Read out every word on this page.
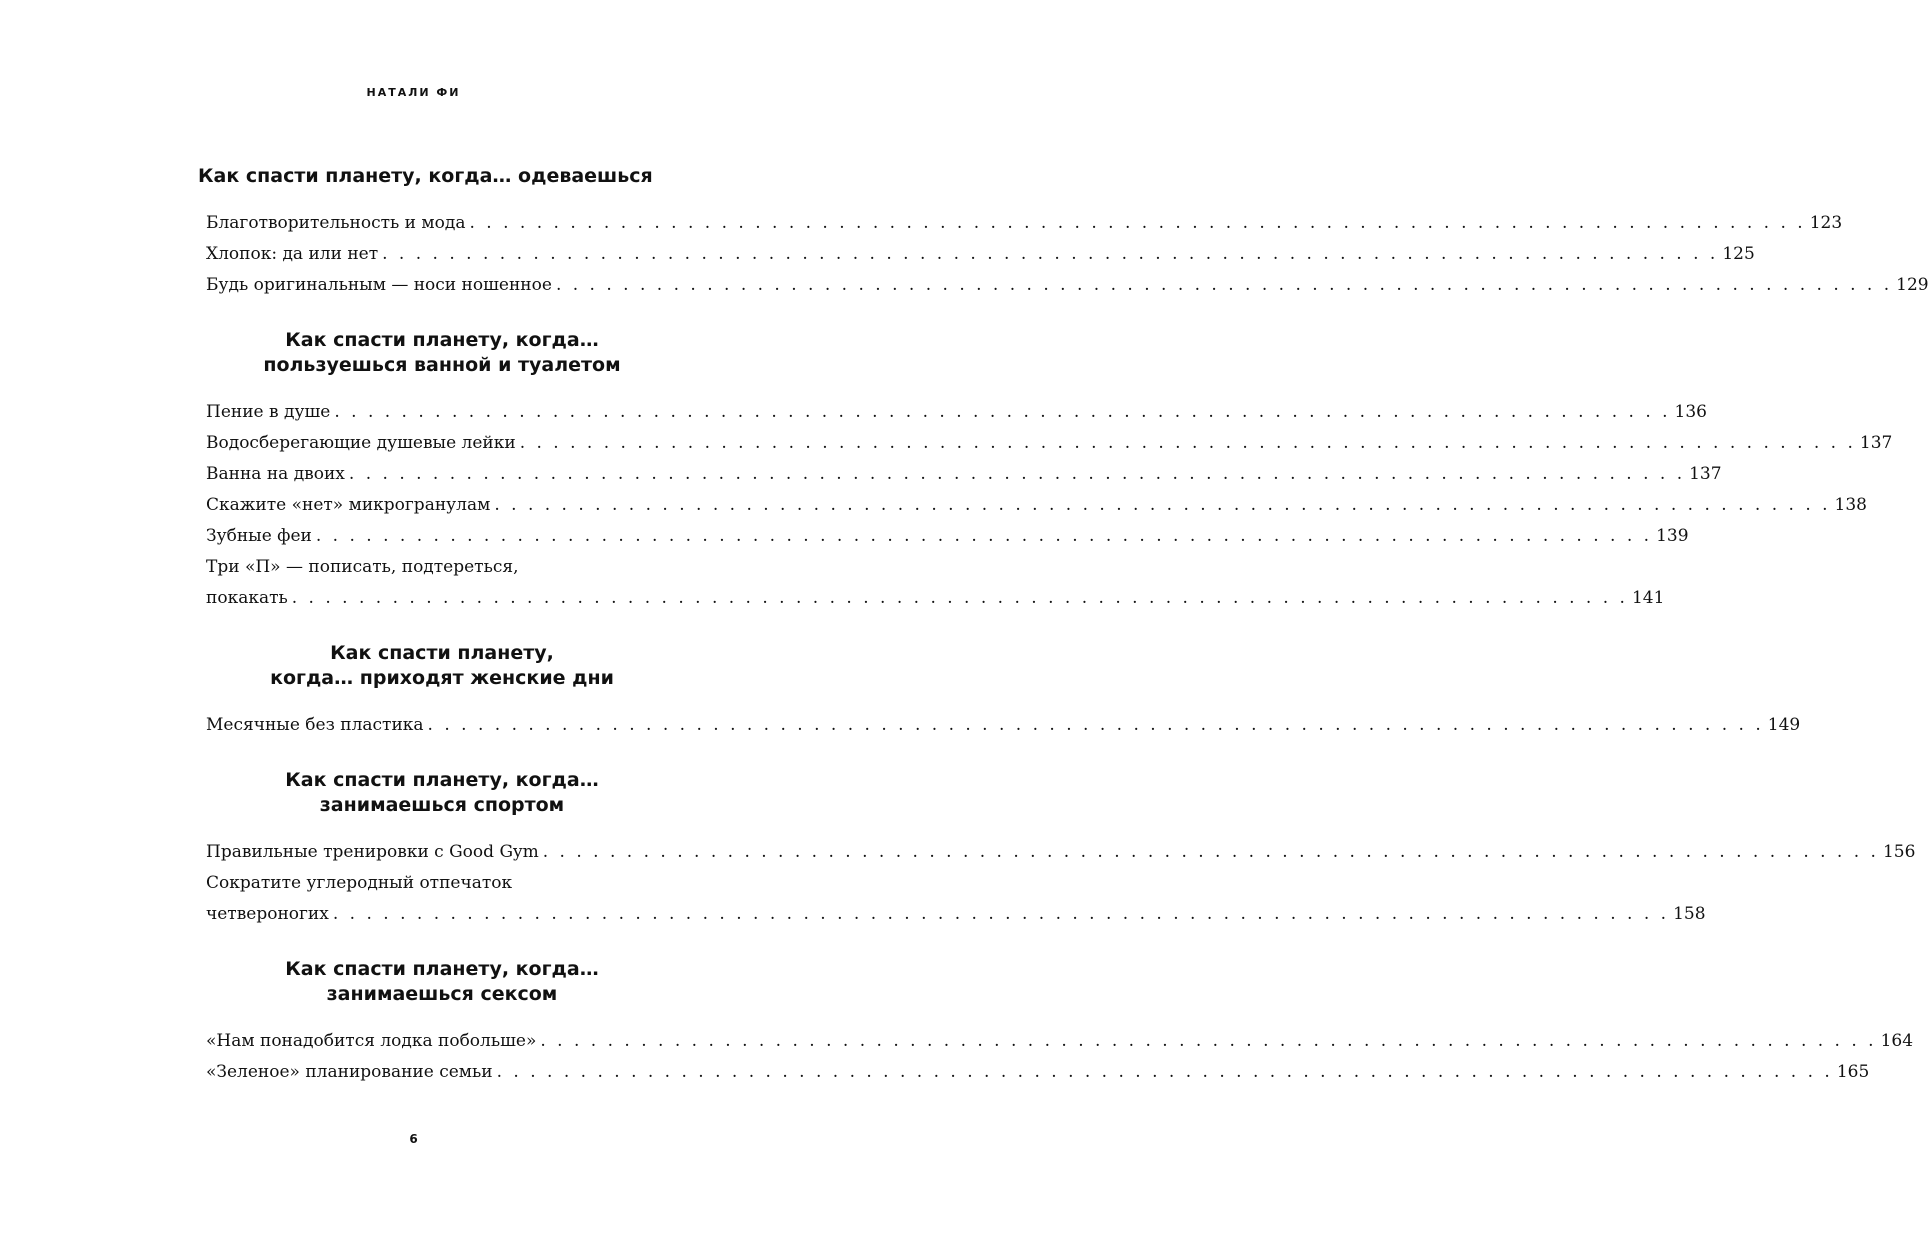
НАТАЛИ ФИ
Как спасти планету, когда… одеваешься
Благотворительность и мода . . . . . . . . . . . . . . . . . . . . . . . . . . . . . . . . . . . . . . . . . . . . . . . . . . . . . . . . . . . . . . . . . . . . . . . . . . . . . . . . 123
Хлопок: да или нет . . . . . . . . . . . . . . . . . . . . . . . . . . . . . . . . . . . . . . . . . . . . . . . . . . . . . . . . . . . . . . . . . . . . . . . . . . . . . . . . 125
Будь оригинальным — носи ношенное . . . . . . . . . . . . . . . . . . . . . . . . . . . . . . . . . . . . . . . . . . . . . . . . . . . . . . . . . . . . . . . . . . . . . . . . . . . . . . . . 129
Как спасти планету, когда…
пользуешься ванной и туалетом
Пение в душе . . . . . . . . . . . . . . . . . . . . . . . . . . . . . . . . . . . . . . . . . . . . . . . . . . . . . . . . . . . . . . . . . . . . . . . . . . . . . . . . 136
Водосберегающие душевые лейки . . . . . . . . . . . . . . . . . . . . . . . . . . . . . . . . . . . . . . . . . . . . . . . . . . . . . . . . . . . . . . . . . . . . . . . . . . . . . . . . 137
Ванна на двоих . . . . . . . . . . . . . . . . . . . . . . . . . . . . . . . . . . . . . . . . . . . . . . . . . . . . . . . . . . . . . . . . . . . . . . . . . . . . . . . . 137
Скажите «нет» микрогранулам . . . . . . . . . . . . . . . . . . . . . . . . . . . . . . . . . . . . . . . . . . . . . . . . . . . . . . . . . . . . . . . . . . . . . . . . . . . . . . . . 138
Зубные феи . . . . . . . . . . . . . . . . . . . . . . . . . . . . . . . . . . . . . . . . . . . . . . . . . . . . . . . . . . . . . . . . . . . . . . . . . . . . . . . . 139
Три «П» — пописать, подтереться,
покакать . . . . . . . . . . . . . . . . . . . . . . . . . . . . . . . . . . . . . . . . . . . . . . . . . . . . . . . . . . . . . . . . . . . . . . . . . . . . . . . . 141
Как спасти планету,
когда… приходят женские дни
Месячные без пластика . . . . . . . . . . . . . . . . . . . . . . . . . . . . . . . . . . . . . . . . . . . . . . . . . . . . . . . . . . . . . . . . . . . . . . . . . . . . . . . . 149
Как спасти планету, когда…
занимаешься спортом
Правильные тренировки с Good Gym . . . . . . . . . . . . . . . . . . . . . . . . . . . . . . . . . . . . . . . . . . . . . . . . . . . . . . . . . . . . . . . . . . . . . . . . . . . . . . . . 156
Сократите углеродный отпечаток
четвероногих . . . . . . . . . . . . . . . . . . . . . . . . . . . . . . . . . . . . . . . . . . . . . . . . . . . . . . . . . . . . . . . . . . . . . . . . . . . . . . . . 158
Как спасти планету, когда…
занимаешься сексом
«Нам понадобится лодка побольше» . . . . . . . . . . . . . . . . . . . . . . . . . . . . . . . . . . . . . . . . . . . . . . . . . . . . . . . . . . . . . . . . . . . . . . . . . . . . . . . . 164
«Зеленое» планирование семьи . . . . . . . . . . . . . . . . . . . . . . . . . . . . . . . . . . . . . . . . . . . . . . . . . . . . . . . . . . . . . . . . . . . . . . . . . . . . . . . . 165
6
